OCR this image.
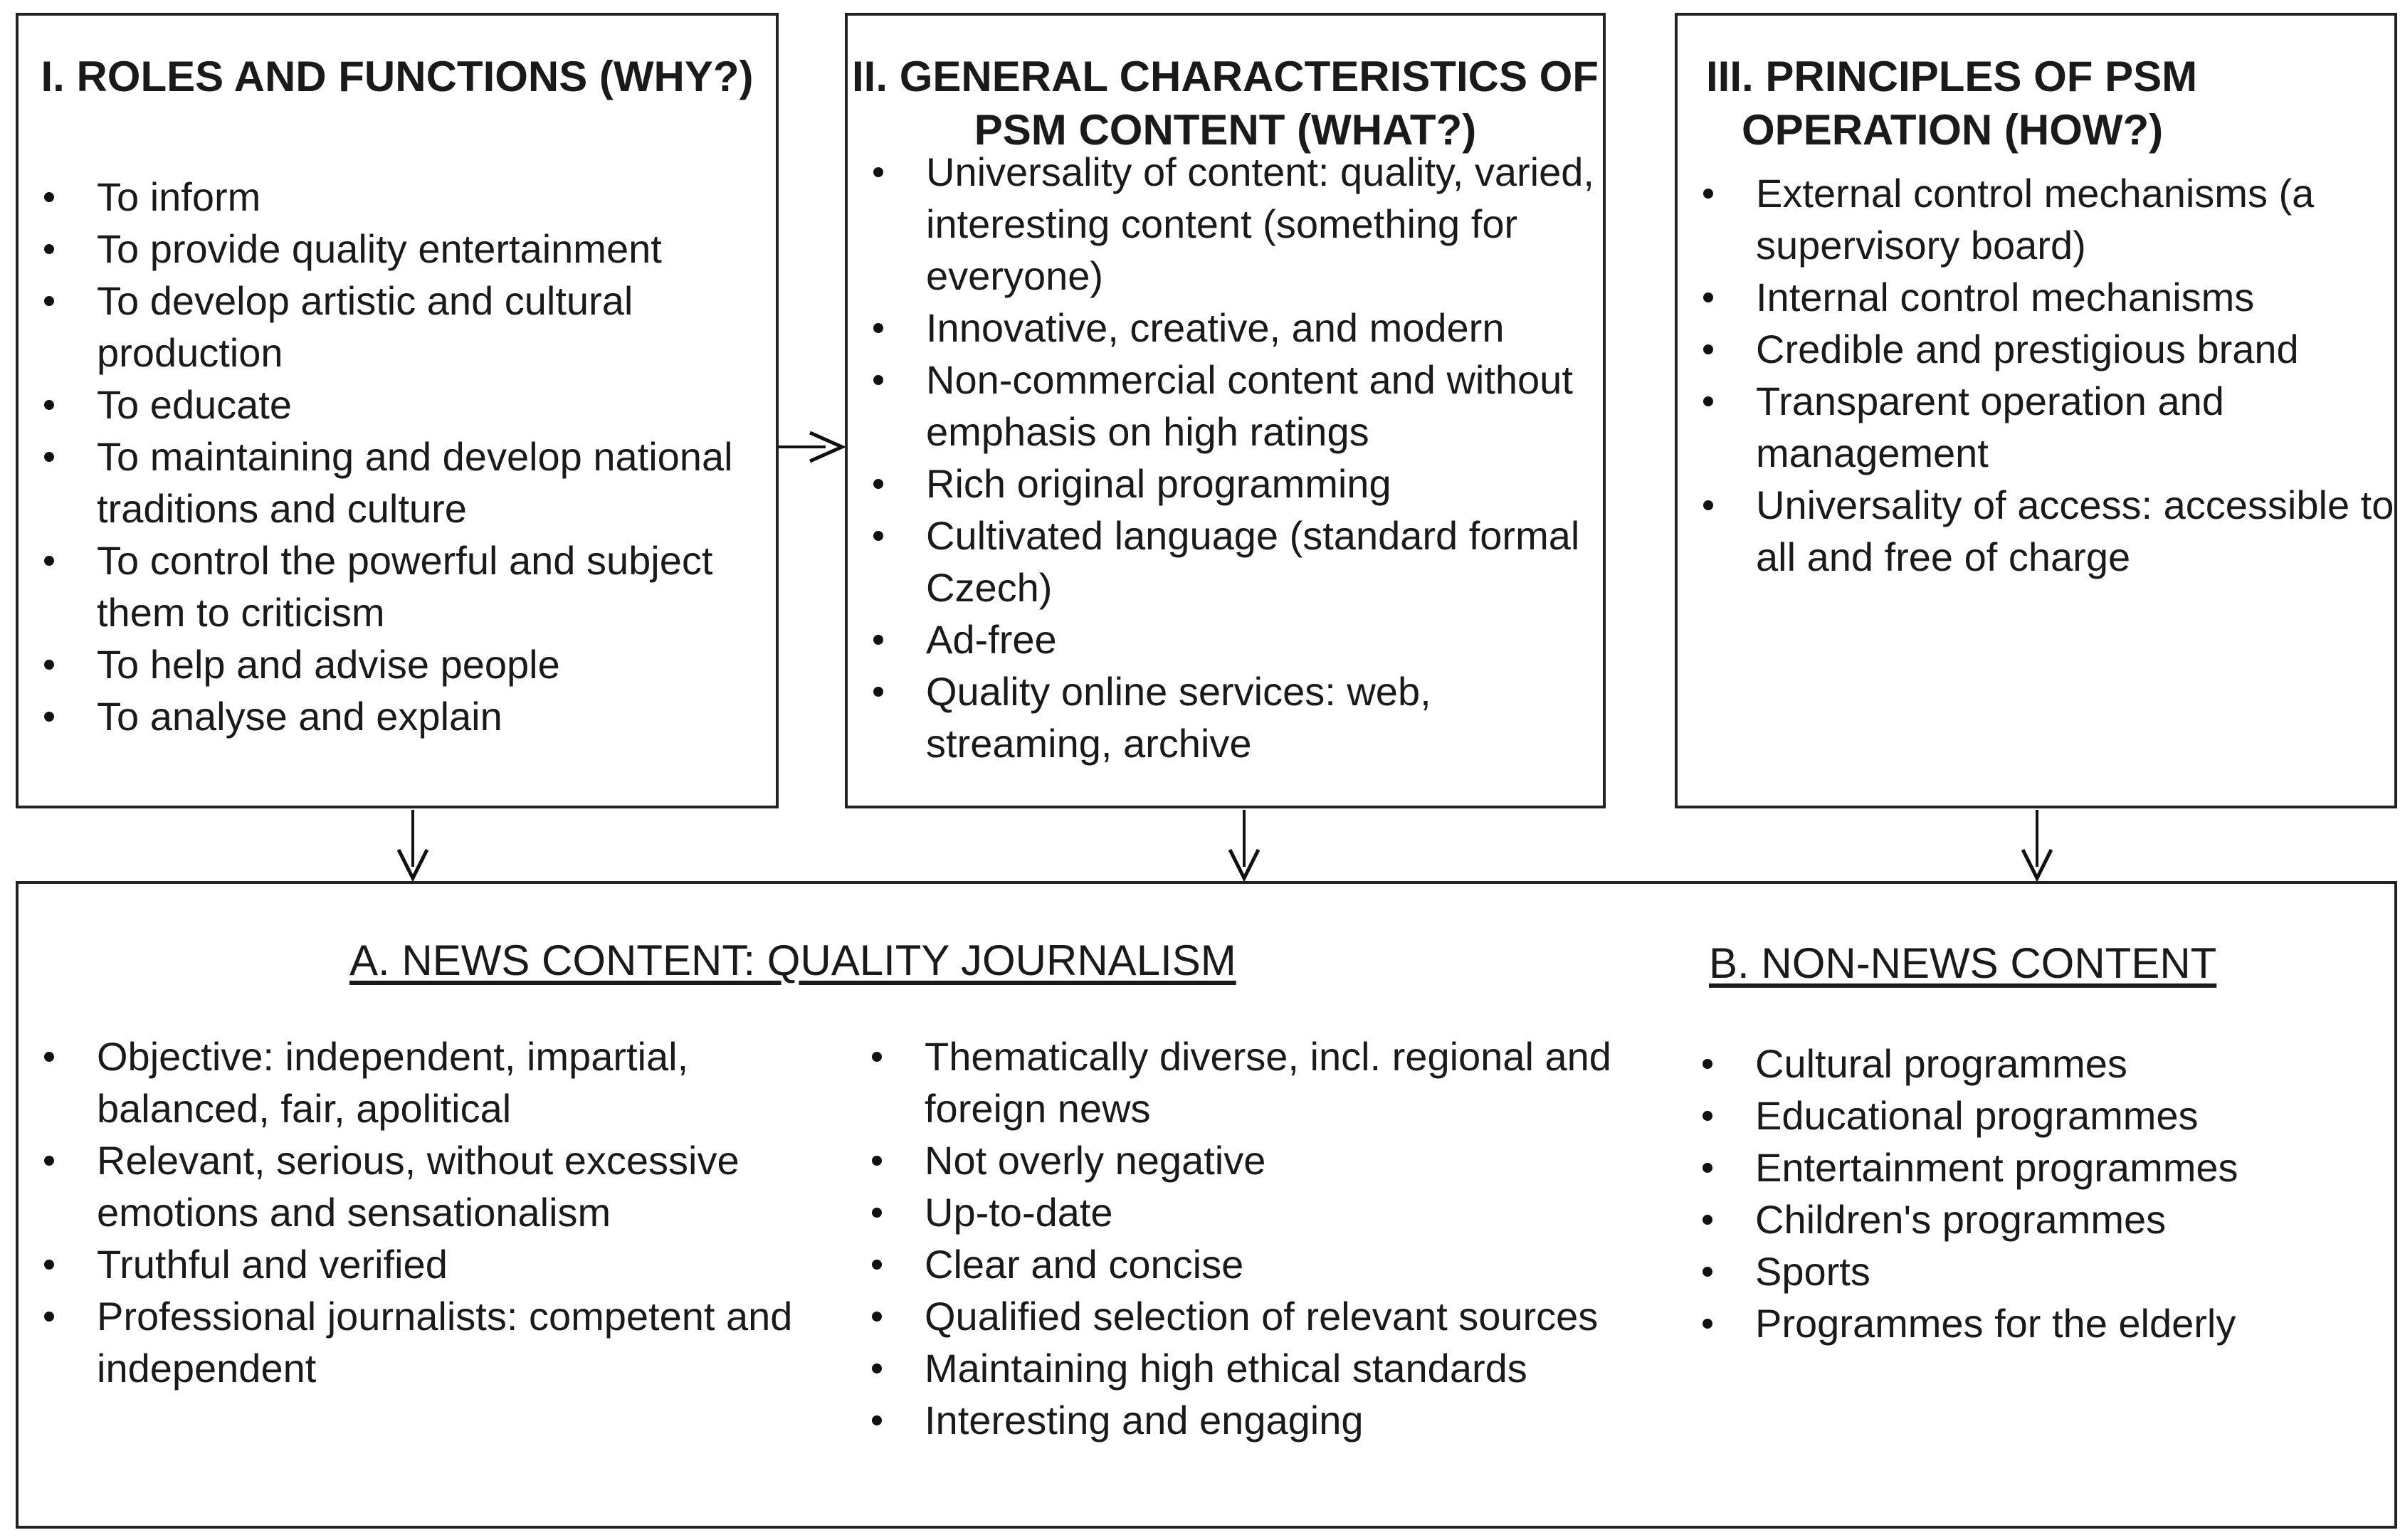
I. ROLES AND FUNCTIONS (WHY?)
To inform
To provide quality entertainment
To develop artistic and cultural production
To educate
To maintaining and develop national traditions and culture
To control the powerful and subject them to criticism
To help and advise people
To analyse and explain
II. GENERAL CHARACTERISTICS OF PSM CONTENT (WHAT?)
Universality of content: quality, varied, interesting content (something for everyone)
Innovative, creative, and modern
Non-commercial content and without emphasis on high ratings
Rich original programming
Cultivated language (standard formal Czech)
Ad-free
Quality online services: web, streaming, archive
III. PRINCIPLES OF PSM
OPERATION (HOW?)
External control mechanisms (a supervisory board)
Internal control mechanisms
Credible and prestigious brand
Transparent operation and management
Universality of access: accessible to all and free of charge
A. NEWS CONTENT: QUALITY JOURNALISM	B. NON-NEWS CONTENT
Objective: independent, impartial, balanced, fair, apolitical
Relevant, serious, without excessive emotions and sensationalism
Truthful and verified
Professional journalists: competent and independent
Thematically diverse, incl. regional and foreign news
Not overly negative
Up-to-date
Clear and concise
Qualified selection of relevant sources
Maintaining high ethical standards
Interesting and engaging
Cultural programmes
Educational programmes
Entertainment programmes
Children's programmes
Sports
Programmes for the elderly
